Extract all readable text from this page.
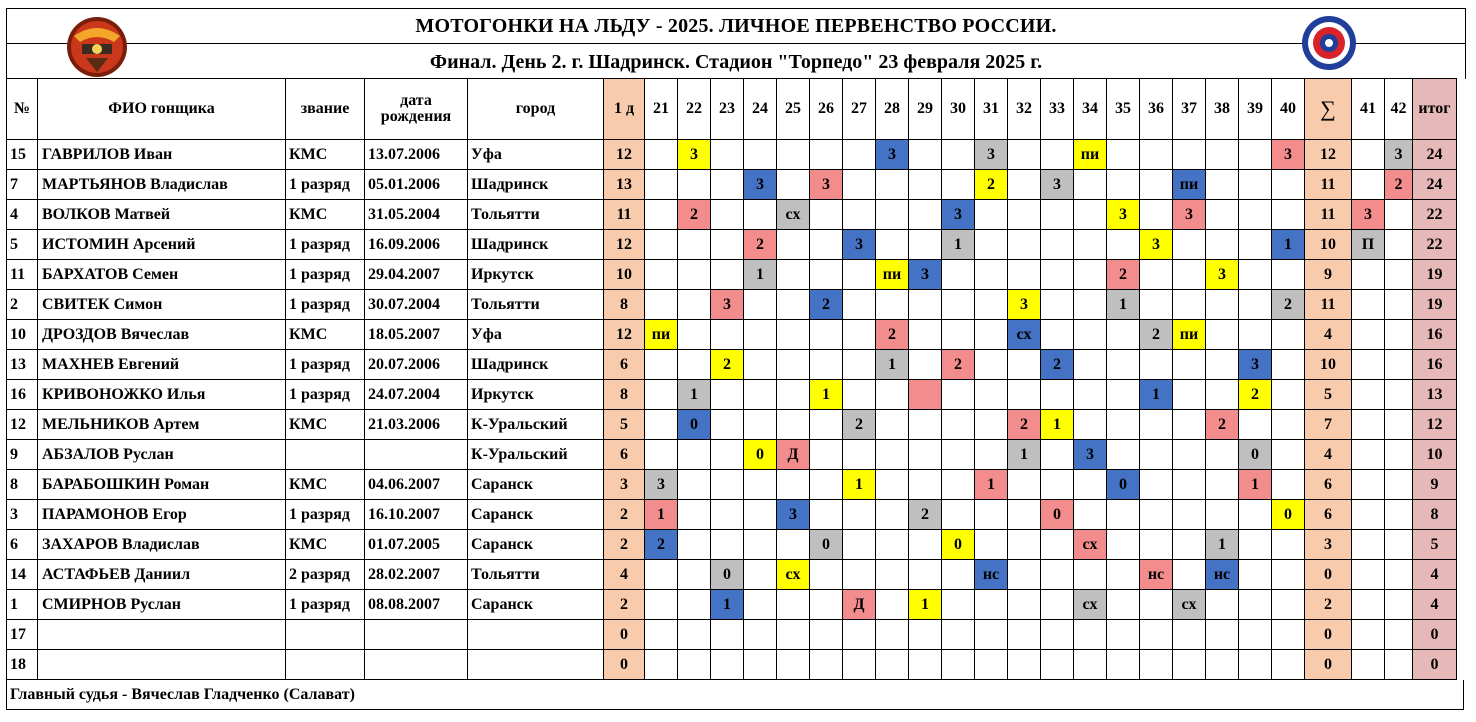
МОТОГОНКИ НА ЛЬДУ - 2025. ЛИЧНОЕ ПЕРВЕНСТВО РОССИИ.
Финал. День 2. г. Шадринск. Стадион "Торпедо" 23 февраля 2025 г.
№	ФИО гонщика	звание	дата рождения	город	1 д	21	22	23	24	25	26	27	28	29	30	31	32	33	34	35	36	37	38	39	40	∑	41	42	итог
15	ГАВРИЛОВ Иван	КМС	13.07.2006	Уфа	12		3						3			3			пи						3	12		3	24
7	МАРТЬЯНОВ Владислав	1 разряд	05.01.2006	Шадринск	13				3		3					2		3				пи				11		2	24
4	ВОЛКОВ Матвей	КМС	31.05.2004	Тольятти	11		2			сх					3					3		3				11	3		22
5	ИСТОМИН Арсений	1 разряд	16.09.2006	Шадринск	12				2			3			1						3				1	10	П		22
11	БАРХАТОВ Семен	1 разряд	29.04.2007	Иркутск	10				1				пи	3						2			3			9			19
2	СВИТЕК Симон	1 разряд	30.07.2004	Тольятти	8			3			2						3			1					2	11			19
10	ДРОЗДОВ Вячеслав	КМС	18.05.2007	Уфа	12	пи							2				сх				2	пи				4			16
13	МАХНЕВ Евгений	1 разряд	20.07.2006	Шадринск	6			2					1		2			2						3		10			16
16	КРИВОНОЖКО Илья	1 разряд	24.07.2004	Иркутск	8		1				1										1			2		5			13
12	МЕЛЬНИКОВ Артем	КМС	21.03.2006	К-Уральский	5		0					2					2	1					2			7			12
9	АБЗАЛОВ Руслан			К-Уральский	6				0	Д							1		3					0		4			10
8	БАРАБОШКИН Роман	КМС	04.06.2007	Саранск	3	3						1				1				0				1		6			9
3	ПАРАМОНОВ Егор	1 разряд	16.10.2007	Саранск	2	1				3				2				0							0	6			8
6	ЗАХАРОВ Владислав	КМС	01.07.2005	Саранск	2	2					0				0				сх				1			3			5
14	АСТАФЬЕВ Даниил	2 разряд	28.02.2007	Тольятти	4			0		сх						нс					нс		нс			0			4
1	СМИРНОВ Руслан	1 разряд	08.08.2007	Саранск	2			1				Д		1					сх			сх				2			4
17					0																					0			0
18					0																					0			0
Главный судья - Вячеслав Гладченко (Салават)
